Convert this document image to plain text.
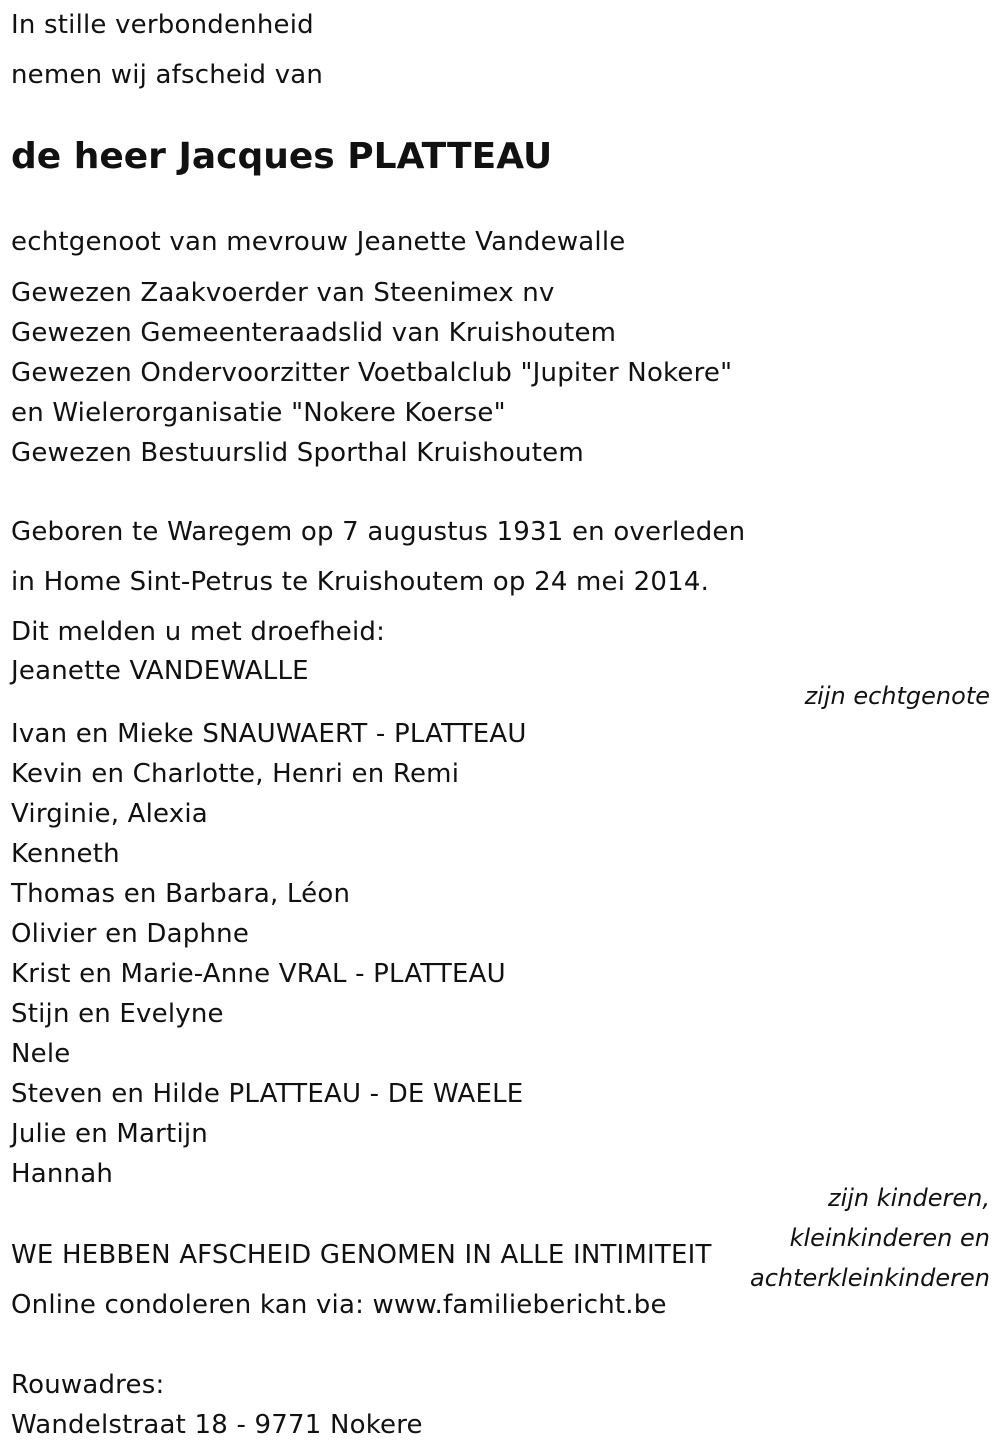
In stille verbondenheid
nemen wij afscheid van
de heer Jacques PLATTEAU
echtgenoot van mevrouw Jeanette Vandewalle
Gewezen Zaakvoerder van Steenimex nv
Gewezen Gemeenteraadslid van Kruishoutem
Gewezen Ondervoorzitter Voetbalclub "Jupiter Nokere"
en Wielerorganisatie "Nokere Koerse"
Gewezen Bestuurslid Sporthal Kruishoutem
Geboren te Waregem op 7 augustus 1931 en overleden
in Home Sint-Petrus te Kruishoutem op 24 mei 2014.
Dit melden u met droefheid:
Jeanette VANDEWALLE
zijn echtgenote
Ivan en Mieke SNAUWAERT - PLATTEAU
Kevin en Charlotte, Henri en Remi
Virginie, Alexia
Kenneth
Thomas en Barbara, Léon
Olivier en Daphne
Krist en Marie-Anne VRAL - PLATTEAU
Stijn en Evelyne
Nele
Steven en Hilde PLATTEAU - DE WAELE
Julie en Martijn
Hannah
zijn kinderen,
kleinkinderen en
achterkleinkinderen
WE HEBBEN AFSCHEID GENOMEN IN ALLE INTIMITEIT
Online condoleren kan via: www.familiebericht.be
Rouwadres:
Wandelstraat 18 - 9771 Nokere
